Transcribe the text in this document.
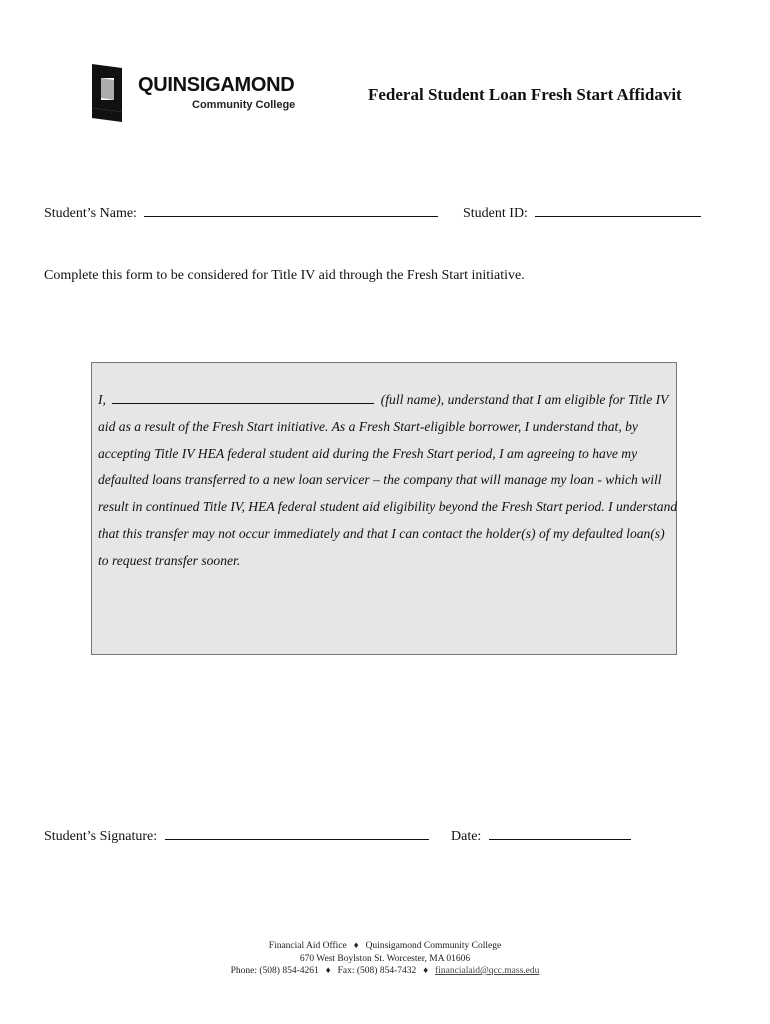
QUINSIGAMOND
Community College
Federal Student Loan Fresh Start Affidavit
Student’s Name:	Student ID:
Complete this form to be considered for Title IV aid through the Fresh Start initiative.

I,	(full name), understand that I am eligible for Title IV aid as a result of the Fresh Start initiative. As a Fresh Start-eligible borrower, I understand that, by accepting Title IV HEA federal student aid during the Fresh Start period, I am agreeing to have my defaulted loans transferred to a new loan servicer – the company that will manage my loan - which will result in continued Title IV, HEA federal student aid eligibility beyond the Fresh Start period. I understand that this transfer may not occur immediately and that I can contact the holder(s) of my defaulted loan(s) to request transfer sooner.

Student’s Signature:	Date:
Financial Aid Office ♦ Quinsigamond Community College
670 West Boylston St. Worcester, MA 01606
Phone: (508) 854-4261 ♦ Fax: (508) 854-7432 ♦ financialaid@qcc.mass.edu
